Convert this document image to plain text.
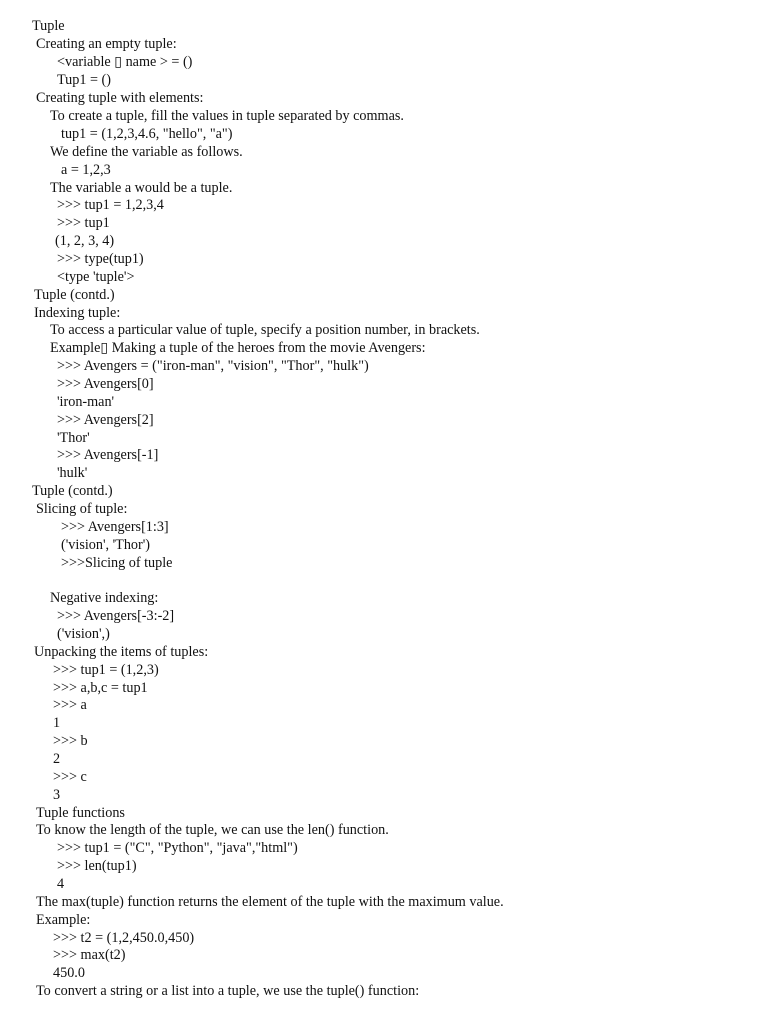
Tuple
Creating an empty tuple:
<variable ▯ name > = ()
Tup1 = ()
Creating tuple with elements:
To create a tuple, fill the values in tuple separated by commas.
tup1 = (1,2,3,4.6, "hello", "a")
We define the variable as follows.
a = 1,2,3
The variable a would be a tuple.
>>> tup1 = 1,2,3,4
>>> tup1
(1, 2, 3, 4)
>>> type(tup1)
<type 'tuple'>
Tuple (contd.)
Indexing tuple:
To access a particular value of tuple, specify a position number, in brackets.
Example▯ Making a tuple of the heroes from the movie Avengers:
>>> Avengers = ("iron-man", "vision", "Thor", "hulk")
>>> Avengers[0]
'iron-man'
>>> Avengers[2]
'Thor'
>>> Avengers[-1]
'hulk'
Tuple (contd.)
Slicing of tuple:
>>> Avengers[1:3]
('vision', 'Thor')
>>>Slicing of tuple
Negative indexing:
>>> Avengers[-3:-2]
('vision',)
Unpacking the items of tuples:
>>> tup1 = (1,2,3)
>>> a,b,c = tup1
>>> a
1
>>> b
2
>>> c
3
Tuple functions
To know the length of the tuple, we can use the len() function.
>>> tup1 = ("C", "Python", "java","html")
>>> len(tup1)
4
The max(tuple) function returns the element of the tuple with the maximum value.
Example:
>>> t2 = (1,2,450.0,450)
>>> max(t2)
450.0
To convert a string or a list into a tuple, we use the tuple() function:
